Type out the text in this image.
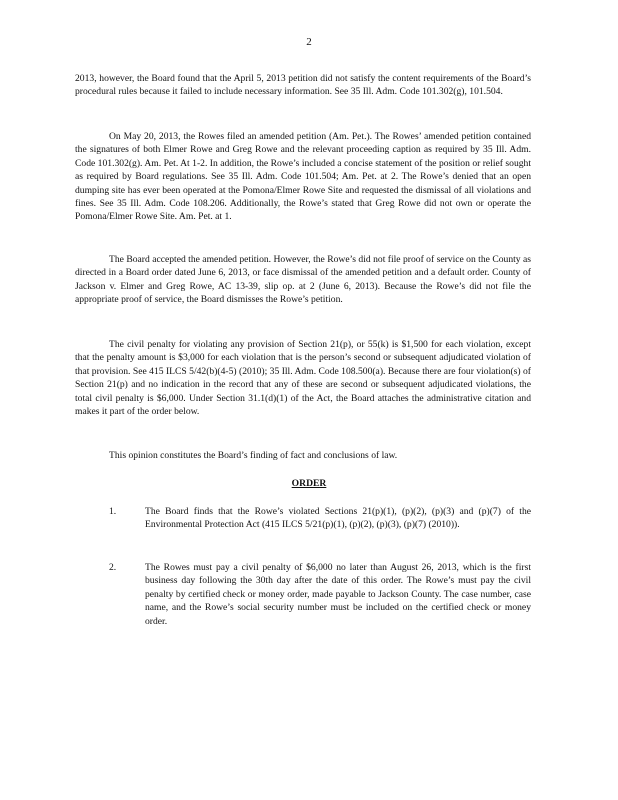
2

2013, however, the Board found that the April 5, 2013 petition did not satisfy the content requirements of the Board’s procedural rules because it failed to include necessary information. See 35 Ill. Adm. Code 101.302(g), 101.504.

On May 20, 2013, the Rowes filed an amended petition (Am. Pet.). The Rowes’ amended petition contained the signatures of both Elmer Rowe and Greg Rowe and the relevant proceeding caption as required by 35 Ill. Adm. Code 101.302(g). Am. Pet. At 1-2. In addition, the Rowe’s included a concise statement of the position or relief sought as required by Board regulations. See 35 Ill. Adm. Code 101.504; Am. Pet. at 2. The Rowe’s denied that an open dumping site has ever been operated at the Pomona/Elmer Rowe Site and requested the dismissal of all violations and fines. See 35 Ill. Adm. Code 108.206. Additionally, the Rowe’s stated that Greg Rowe did not own or operate the Pomona/Elmer Rowe Site. Am. Pet. at 1.

The Board accepted the amended petition. However, the Rowe’s did not file proof of service on the County as directed in a Board order dated June 6, 2013, or face dismissal of the amended petition and a default order. County of Jackson v. Elmer and Greg Rowe, AC 13-39, slip op. at 2 (June 6, 2013). Because the Rowe’s did not file the appropriate proof of service, the Board dismisses the Rowe’s petition.

The civil penalty for violating any provision of Section 21(p), or 55(k) is $1,500 for each violation, except that the penalty amount is $3,000 for each violation that is the person’s second or subsequent adjudicated violation of that provision. See 415 ILCS 5/42(b)(4-5) (2010); 35 Ill. Adm. Code 108.500(a). Because there are four violation(s) of Section 21(p) and no indication in the record that any of these are second or subsequent adjudicated violations, the total civil penalty is $6,000. Under Section 31.1(d)(1) of the Act, the Board attaches the administrative citation and makes it part of the order below.

This opinion constitutes the Board’s finding of fact and conclusions of law.

ORDER
1.	The Board finds that the Rowe’s violated Sections 21(p)(1), (p)(2), (p)(3) and (p)(7) of the Environmental Protection Act (415 ILCS 5/21(p)(1), (p)(2), (p)(3), (p)(7) (2010)).
2.	The Rowes must pay a civil penalty of $6,000 no later than August 26, 2013, which is the first business day following the 30th day after the date of this order. The Rowe’s must pay the civil penalty by certified check or money order, made payable to Jackson County. The case number, case name, and the Rowe’s social security number must be included on the certified check or money order.
